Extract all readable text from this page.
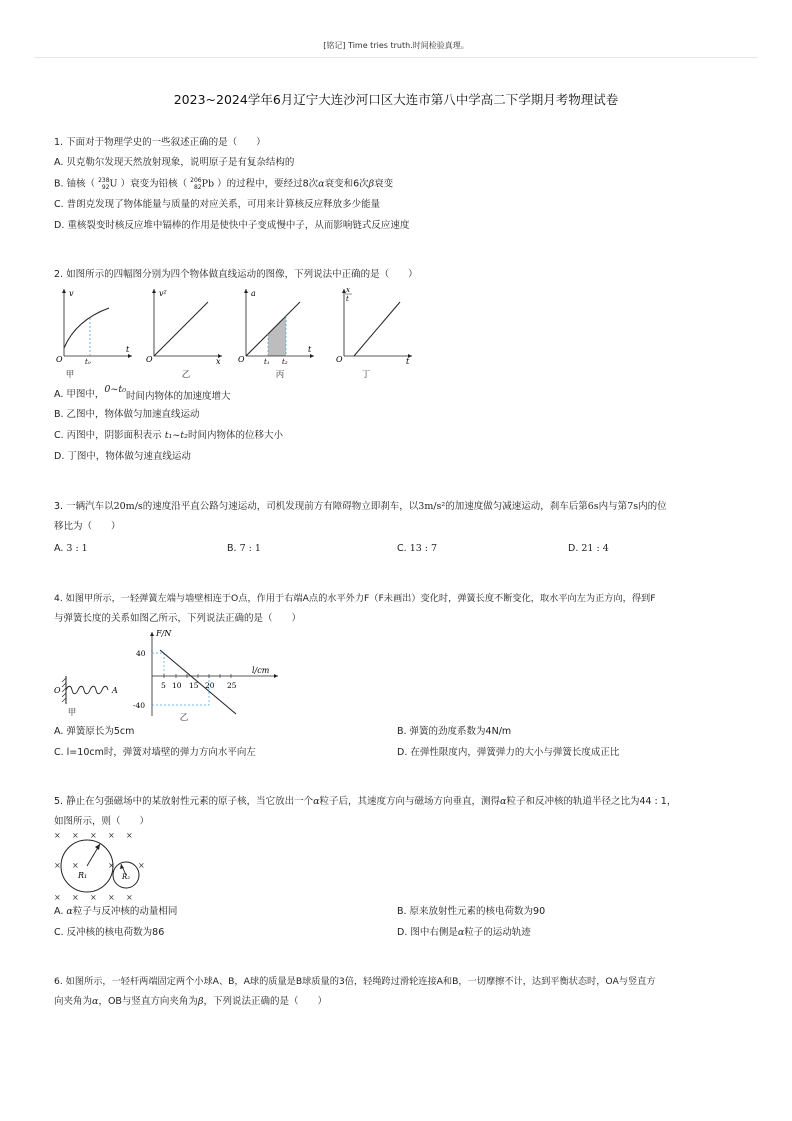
[铭记] Time tries truth.时间检验真理。
2023~2024学年6月辽宁大连沙河口区大连市第八中学高二下学期月考物理试卷
1. 下面对于物理学史的一些叙述正确的是（　　）
A. 贝克勒尔发现天然放射现象，说明原子是有复杂结构的
B. 铀核（ 238
92U ）衰变为铅核（ 206
82Pb ）的过程中，要经过8次α衰变和6次β衰变
C. 普朗克发现了物体能量与质量的对应关系，可用来计算核反应释放多少能量
D. 重核裂变时核反应堆中镉棒的作用是使快中子变成慢中子，从而影响链式反应速度
2. 如图所示的四幅图分别为四个物体做直线运动的图像，下列说法中正确的是（　　）
O
v
t
t₀
甲
O
v²
x
乙
O
a
t
t₁ t₂
丙
O
x
t
t
丁
A. 甲图中，0~t₀时间内物体的加速度增大
B. 乙图中，物体做匀加速直线运动
C. 丙图中，阴影面积表示 t₁~t₂时间内物体的位移大小
D. 丁图中，物体做匀速直线运动
3. 一辆汽车以20m/s的速度沿平直公路匀速运动，司机发现前方有障碍物立即刹车，以3m/s²的加速度做匀减速运动，刹车后第6s内与第7s内的位
移比为（　　）
A. 3 : 1	B. 7 : 1	C. 13 : 7	D. 21 : 4
4. 如图甲所示，一轻弹簧左端与墙壁相连于O点，作用于右端A点的水平外力F（F未画出）变化时，弹簧长度不断变化，取水平向左为正方向，得到F
与弹簧长度的关系如图乙所示，下列说法正确的是（　　）
O	A
甲
F/N
l/cm
40
-40
5 10 15 20 25
乙
A. 弹簧原长为5cm	B. 弹簧的劲度系数为4N/m
C. l=10cm时，弹簧对墙壁的弹力方向水平向左	D. 在弹性限度内，弹簧弹力的大小与弹簧长度成正比
5. 静止在匀强磁场中的某放射性元素的原子核，当它放出一个α粒子后，其速度方向与磁场方向垂直，测得α粒子和反冲核的轨道半径之比为44 : 1，
如图所示，则（　　）
× × × × ×
× ×	×	×
× × × × ×
R₁	R₂
A. α粒子与反冲核的动量相同	B. 原来放射性元素的核电荷数为90
C. 反冲核的核电荷数为86	D. 图中右侧是α粒子的运动轨迹
6. 如图所示，一轻杆两端固定两个小球A、B，A球的质量是B球质量的3倍，轻绳跨过滑轮连接A和B，一切摩擦不计，达到平衡状态时，OA与竖直方
向夹角为α，OB与竖直方向夹角为β，下列说法正确的是（　　）
